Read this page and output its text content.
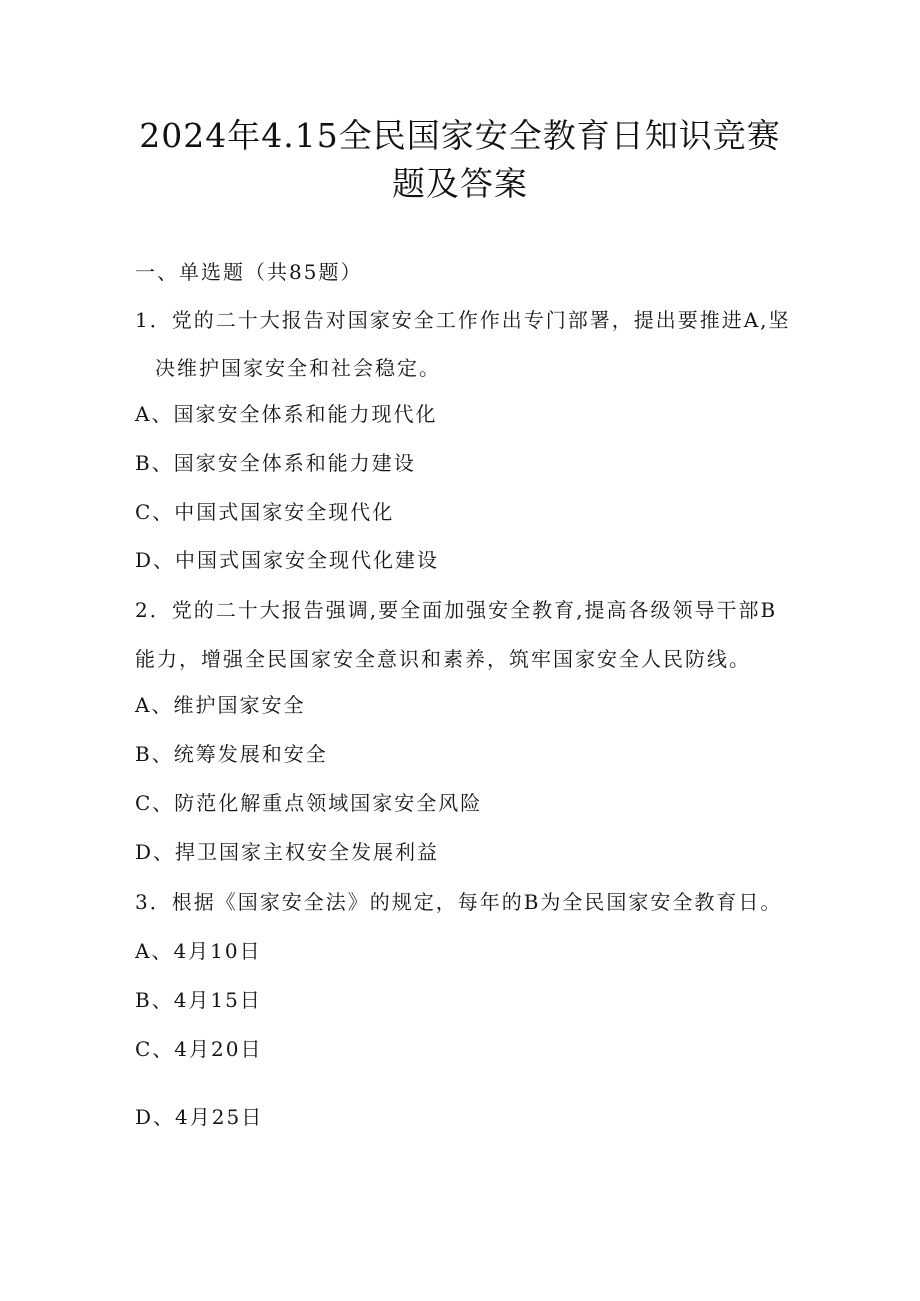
2024年4.15全民国家安全教育日知识竞赛
题及答案
一、单选题（共85题）
1．党的二十大报告对国家安全工作作出专门部署，提出要推进A,坚
决维护国家安全和社会稳定。
A、国家安全体系和能力现代化
B、国家安全体系和能力建设
C、中国式国家安全现代化
D、中国式国家安全现代化建设
2．党的二十大报告强调,要全面加强安全教育,提高各级领导干部B
能力，增强全民国家安全意识和素养，筑牢国家安全人民防线。
A、维护国家安全
B、统筹发展和安全
C、防范化解重点领域国家安全风险
D、捍卫国家主权安全发展利益
3．根据《国家安全法》的规定，每年的B为全民国家安全教育日。
A、4月10日
B、4月15日
C、4月20日
D、4月25日
